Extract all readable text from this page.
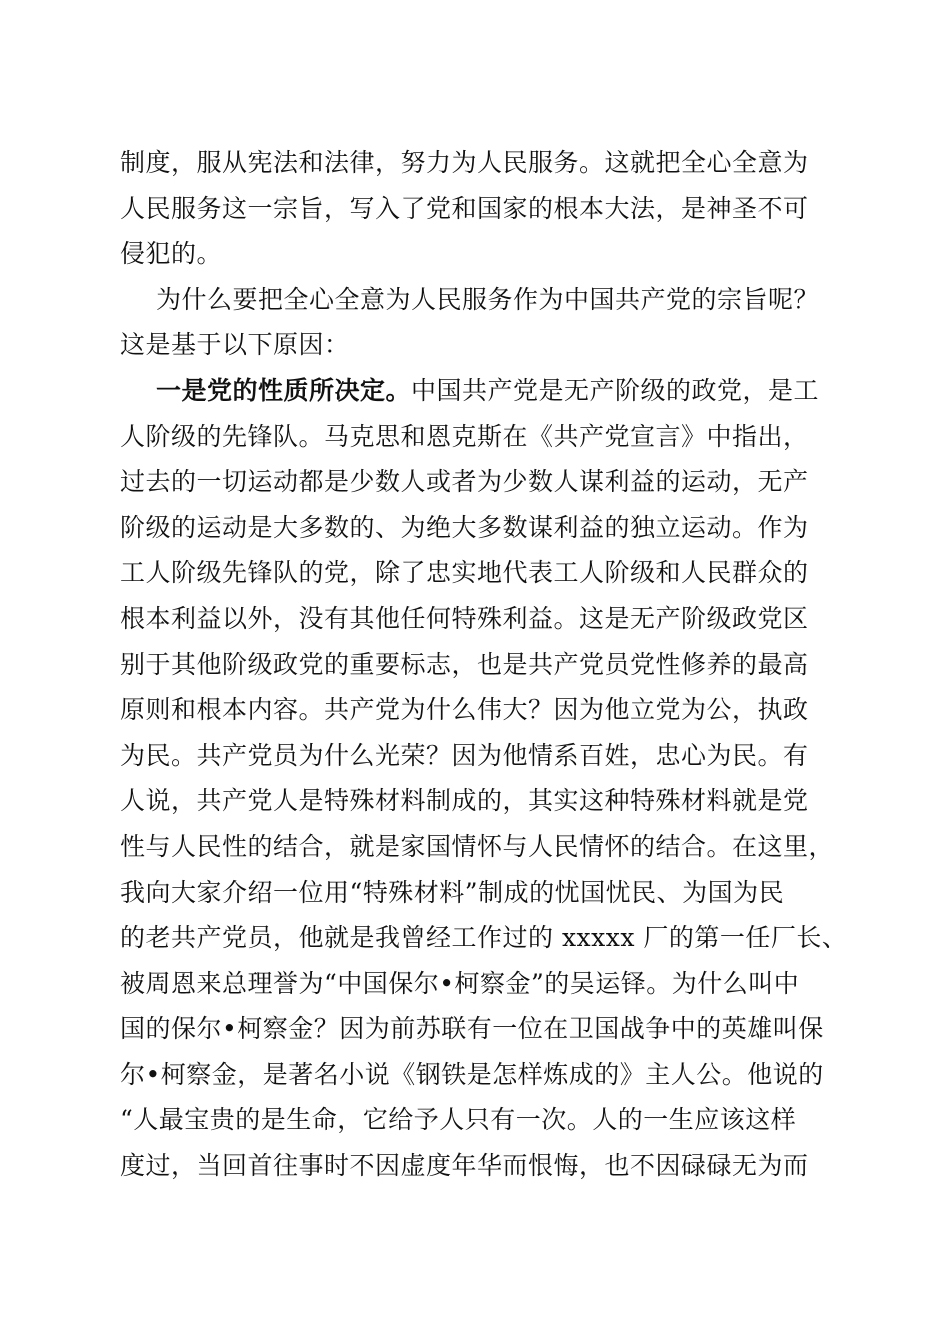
制度，服从宪法和法律，努力为人民服务。这就把全心全意为
人民服务这一宗旨，写入了党和国家的根本大法，是神圣不可
侵犯的。
为什么要把全心全意为人民服务作为中国共产党的宗旨呢？
这是基于以下原因：
一是党的性质所决定。中国共产党是无产阶级的政党，是工
人阶级的先锋队。马克思和恩克斯在《共产党宣言》中指出，
过去的一切运动都是少数人或者为少数人谋利益的运动，无产
阶级的运动是大多数的、为绝大多数谋利益的独立运动。作为
工人阶级先锋队的党，除了忠实地代表工人阶级和人民群众的
根本利益以外，没有其他任何特殊利益。这是无产阶级政党区
别于其他阶级政党的重要标志，也是共产党员党性修养的最高
原则和根本内容。共产党为什么伟大？因为他立党为公，执政
为民。共产党员为什么光荣？因为他情系百姓，忠心为民。有
人说，共产党人是特殊材料制成的，其实这种特殊材料就是党
性与人民性的结合，就是家国情怀与人民情怀的结合。在这里，
我向大家介绍一位用“特殊材料”制成的忧国忧民、为国为民
的老共产党员，他就是我曾经工作过的 xxxxx 厂的第一任厂长、
被周恩来总理誉为“中国保尔•柯察金”的吴运铎。为什么叫中
国的保尔•柯察金？因为前苏联有一位在卫国战争中的英雄叫保
尔•柯察金，是著名小说《钢铁是怎样炼成的》主人公。他说的
“人最宝贵的是生命，它给予人只有一次。人的一生应该这样
度过，当回首往事时不因虚度年华而恨悔，也不因碌碌无为而
